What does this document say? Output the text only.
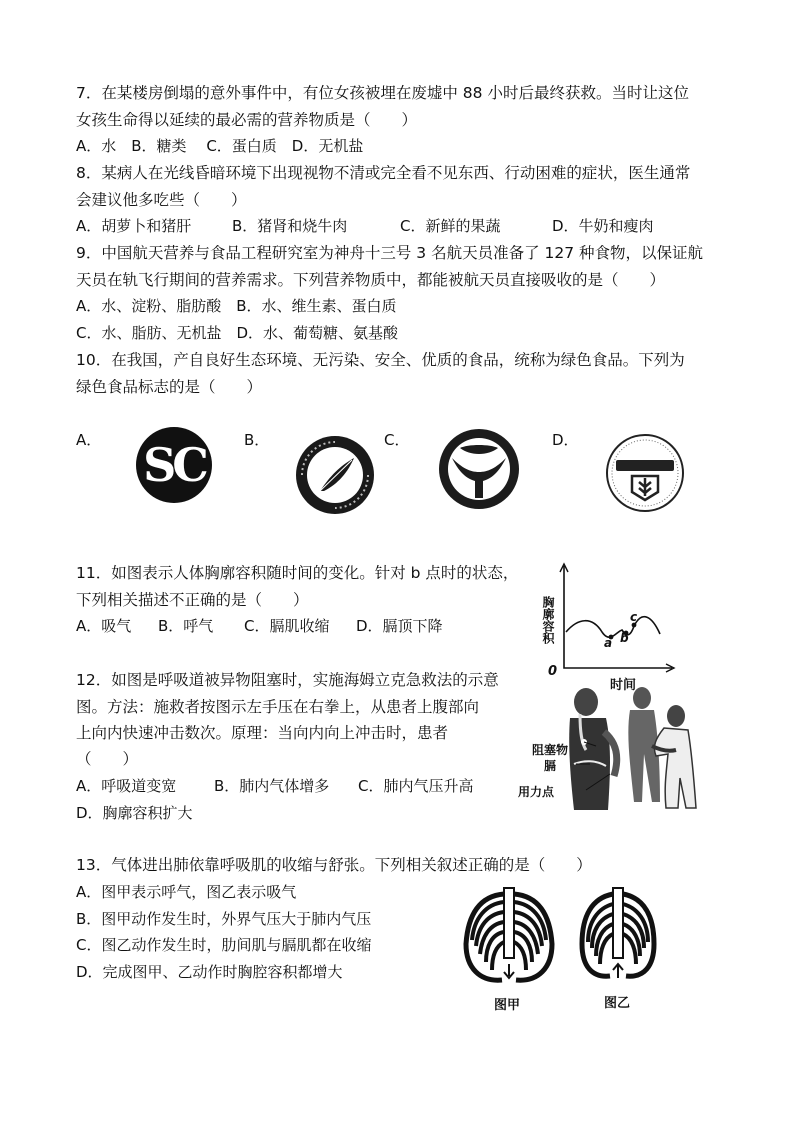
7．在某楼房倒塌的意外事件中，有位女孩被埋在废墟中 88 小时后最终获救。当时让这位
女孩生命得以延续的最必需的营养物质是（　　）
A．水　B．糖类　 C．蛋白质　D．无机盐
8．某病人在光线昏暗环境下出现视物不清或完全看不见东西、行动困难的症状，医生通常
会建议他多吃些（　　）
A．胡萝卜和猪肝	B．猪肾和烧牛肉	C．新鲜的果蔬	D．牛奶和瘦肉
9．中国航天营养与食品工程研究室为神舟十三号 3 名航天员准备了 127 种食物，以保证航
天员在轨飞行期间的营养需求。下列营养物质中，都能被航天员直接吸收的是（　　）
A．水、淀粉、脂肪酸　B．水、维生素、蛋白质
C．水、脂肪、无机盐　D．水、葡萄糖、氨基酸
10．在我国，产自良好生态环境、无污染、安全、优质的食品，统称为绿色食品。下列为
绿色食品标志的是（　　）
A．	B．	C．	D．
SC
11．如图表示人体胸廓容积随时间的变化。针对 b 点时的状态，
下列相关描述不正确的是（　　）
A．吸气 B．呼气 C．膈肌收缩 D．膈顶下降	胸廓容积
时间
0
a b
c
12．如图是呼吸道被异物阻塞时，实施海姆立克急救法的示意
图。方法：施救者按图示左手压在右拳上，从患者上腹部向
上向内快速冲击数次。原理：当向内向上冲击时，患者
（　　）
A．呼吸道变宽	B．肺内气体增多 C．肺内气压升高
D．胸廓容积扩大
阻塞物
膈
用力点
13．气体进出肺依靠呼吸肌的收缩与舒张。下列相关叙述正确的是（　　）
A．图甲表示呼气，图乙表示吸气
B．图甲动作发生时，外界气压大于肺内气压
C．图乙动作发生时，肋间肌与膈肌都在收缩
D．完成图甲、乙动作时胸腔容积都增大
图甲	图乙
